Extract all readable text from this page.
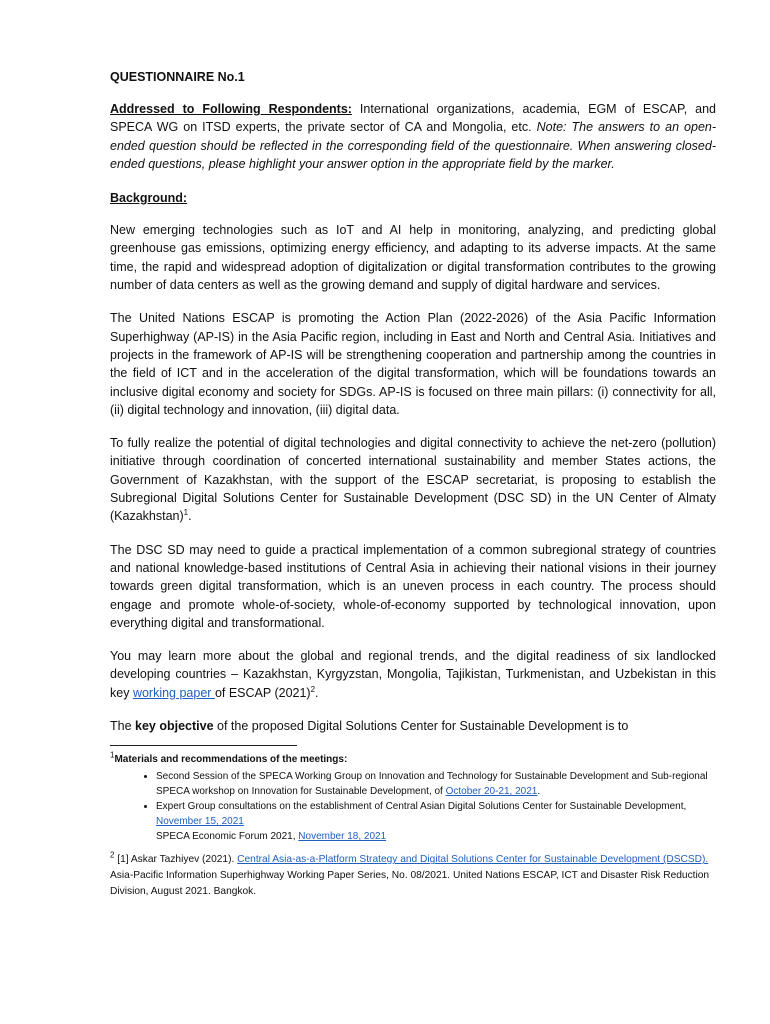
QUESTIONNAIRE No.1

Addressed to Following Respondents: International organizations, academia, EGM of ESCAP, and SPECA WG on ITSD experts, the private sector of CA and Mongolia, etc. Note: The answers to an open-ended question should be reflected in the corresponding field of the questionnaire. When answering closed-ended questions, please highlight your answer option in the appropriate field by the marker.

Background:

New emerging technologies such as IoT and AI help in monitoring, analyzing, and predicting global greenhouse gas emissions, optimizing energy efficiency, and adapting to its adverse impacts. At the same time, the rapid and widespread adoption of digitalization or digital transformation contributes to the growing number of data centers as well as the growing demand and supply of digital hardware and services.

The United Nations ESCAP is promoting the Action Plan (2022-2026) of the Asia Pacific Information Superhighway (AP-IS) in the Asia Pacific region, including in East and North and Central Asia. Initiatives and projects in the framework of AP-IS will be strengthening cooperation and partnership among the countries in the field of ICT and in the acceleration of the digital transformation, which will be foundations towards an inclusive digital economy and society for SDGs. AP-IS is focused on three main pillars: (i) connectivity for all, (ii) digital technology and innovation, (iii) digital data.

To fully realize the potential of digital technologies and digital connectivity to achieve the net-zero (pollution) initiative through coordination of concerted international sustainability and member States actions, the Government of Kazakhstan, with the support of the ESCAP secretariat, is proposing to establish the Subregional Digital Solutions Center for Sustainable Development (DSC SD) in the UN Center of Almaty (Kazakhstan)$^1$.

The DSC SD may need to guide a practical implementation of a common subregional strategy of countries and national knowledge-based institutions of Central Asia in achieving their national visions in their journey towards green digital transformation, which is an uneven process in each country. The process should engage and promote whole-of-society, whole-of-economy supported by technological innovation, upon everything digital and transformational.

You may learn more about the global and regional trends, and the digital readiness of six landlocked developing countries – Kazakhstan, Kyrgyzstan, Mongolia, Tajikistan, Turkmenistan, and Uzbekistan in this key working paper of ESCAP $(2021)^2$.

The key objective of the proposed Digital Solutions Center for Sustainable Development is to

$^1$Materials and recommendations of the meetings:
• Second Session of the SPECA Working Group on Innovation and Technology for Sustainable Development and Sub-regional SPECA workshop on Innovation for Sustainable Development, of October 20-21, 2021.
• Expert Group consultations on the establishment of Central Asian Digital Solutions Center for Sustainable Development, November 15, 2021
SPECA Economic Forum 2021, November 18, 2021
$^2$ [1] Askar Tazhiyev (2021). Central Asia-as-a-Platform Strategy and Digital Solutions Center for Sustainable Development (DSCSD). Asia-Pacific Information Superhighway Working Paper Series, No. 08/2021. United Nations ESCAP, ICT and Disaster Risk Reduction Division, August 2021. Bangkok.
